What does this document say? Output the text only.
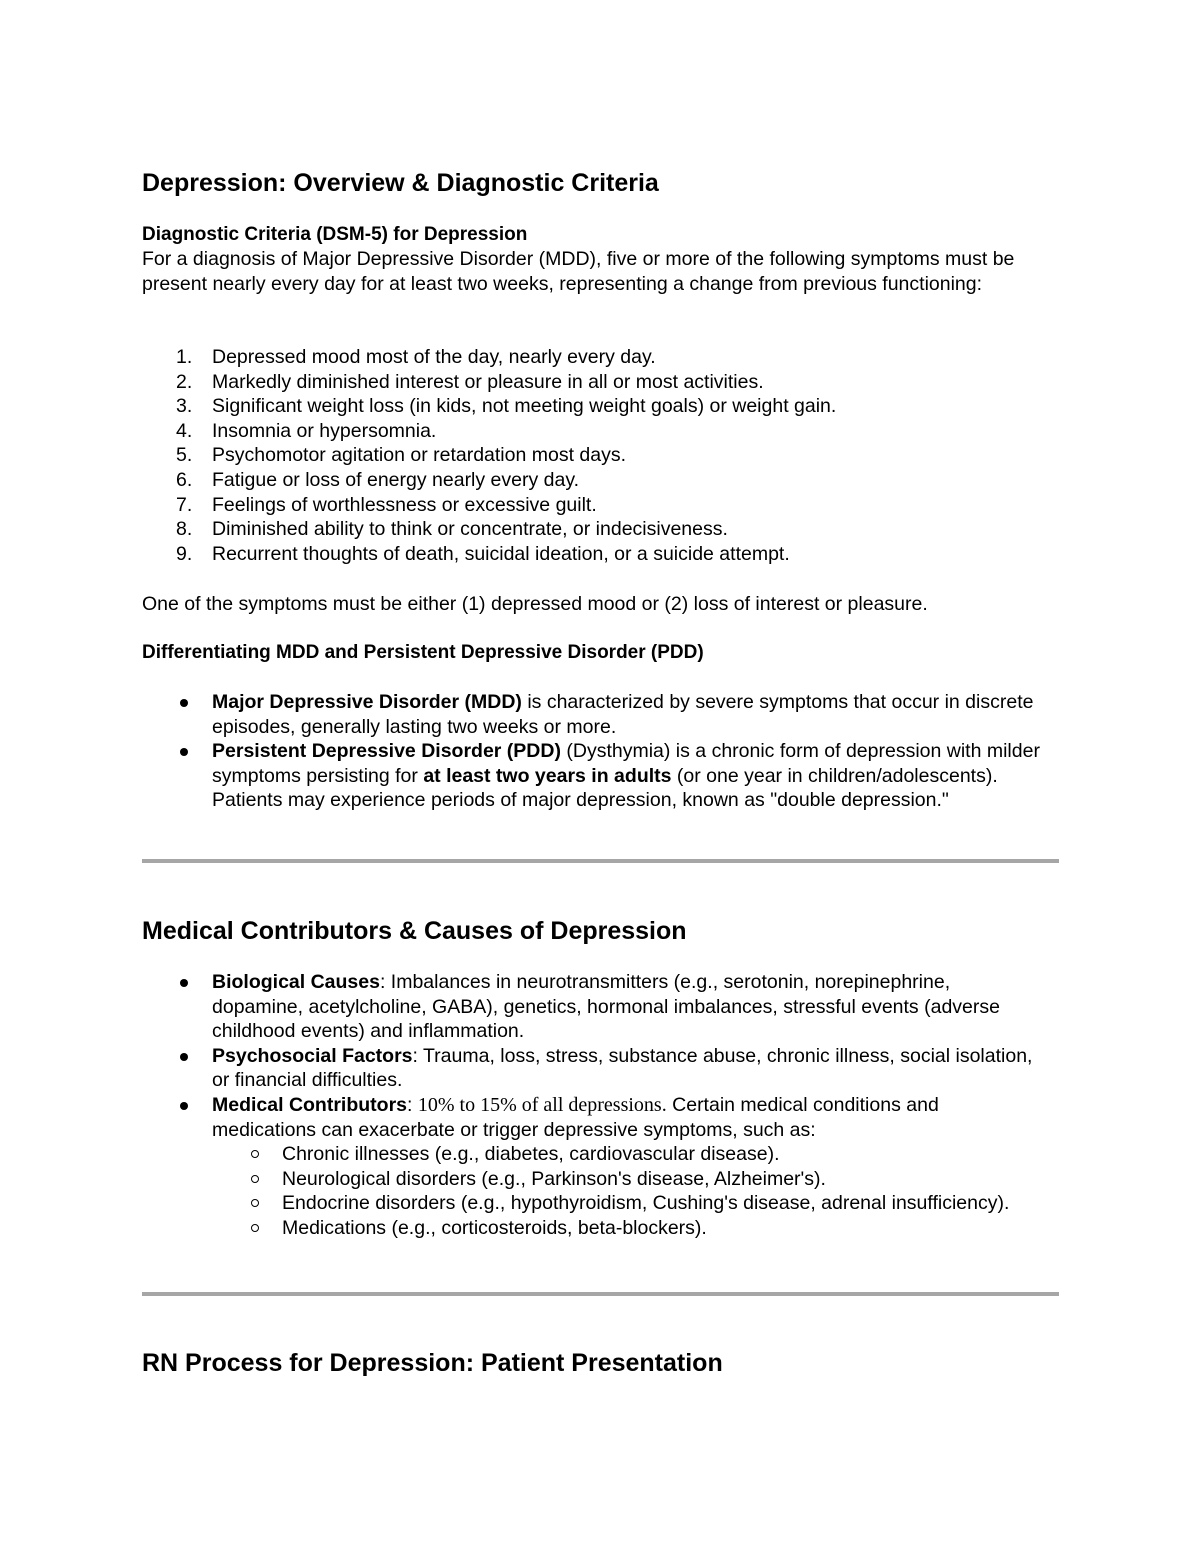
Depression: Overview & Diagnostic Criteria
Diagnostic Criteria (DSM-5) for Depression

For a diagnosis of Major Depressive Disorder (MDD), five or more of the following symptoms must be present nearly every day for at least two weeks, representing a change from previous functioning:

1.	Depressed mood most of the day, nearly every day.
2.	Markedly diminished interest or pleasure in all or most activities.
3.	Significant weight loss (in kids, not meeting weight goals) or weight gain.
4.	Insomnia or hypersomnia.
5.	Psychomotor agitation or retardation most days.
6.	Fatigue or loss of energy nearly every day.
7.	Feelings of worthlessness or excessive guilt.
8.	Diminished ability to think or concentrate, or indecisiveness.
9.	Recurrent thoughts of death, suicidal ideation, or a suicide attempt.

One of the symptoms must be either (1) depressed mood or (2) loss of interest or pleasure.

Differentiating MDD and Persistent Depressive Disorder (PDD)
Major Depressive Disorder (MDD) is characterized by severe symptoms that occur in discrete episodes, generally lasting two weeks or more.
Persistent Depressive Disorder (PDD) (Dysthymia) is a chronic form of depression with milder symptoms persisting for at least two years in adults (or one year in children/adolescents). Patients may experience periods of major depression, known as "double depression."
Medical Contributors & Causes of Depression
Biological Causes: Imbalances in neurotransmitters (e.g., serotonin, norepinephrine, dopamine, acetylcholine, GABA), genetics, hormonal imbalances, stressful events (adverse childhood events) and inflammation.
Psychosocial Factors: Trauma, loss, stress, substance abuse, chronic illness, social isolation, or financial difficulties.
Medical Contributors: 10% to 15% of all depressions. Certain medical conditions and medications can exacerbate or trigger depressive symptoms, such as:
Chronic illnesses (e.g., diabetes, cardiovascular disease).
Neurological disorders (e.g., Parkinson's disease, Alzheimer's).
Endocrine disorders (e.g., hypothyroidism, Cushing's disease, adrenal insufficiency).
Medications (e.g., corticosteroids, beta-blockers).
RN Process for Depression: Patient Presentation
